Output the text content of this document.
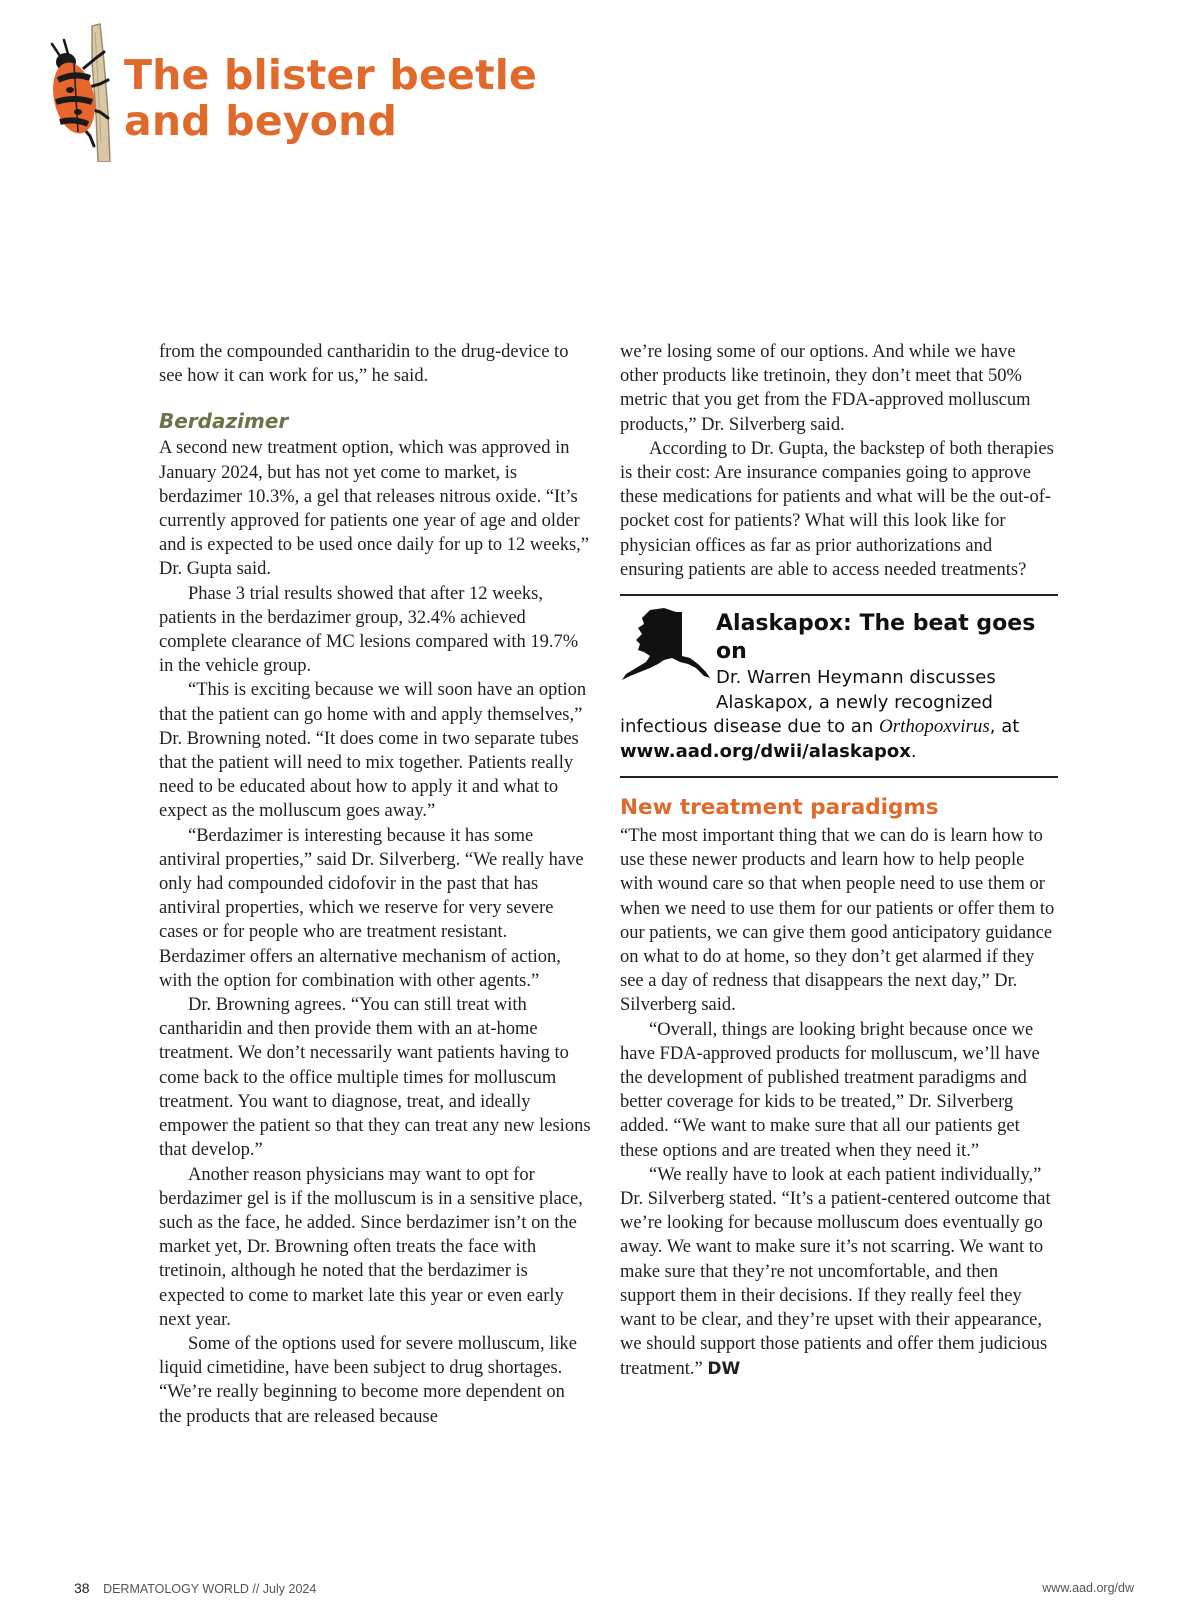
The blister beetle
and beyond

from the compounded cantharidin to the drug-device to see how it can work for us,” he said.

Berdazimer

A second new treatment option, which was approved in January 2024, but has not yet come to market, is berdazimer 10.3%, a gel that releases nitrous oxide. “It’s currently approved for patients one year of age and older and is expected to be used once daily for up to 12 weeks,” Dr. Gupta said.

Phase 3 trial results showed that after 12 weeks, patients in the berdazimer group, 32.4% achieved complete clearance of MC lesions compared with 19.7% in the vehicle group.

“This is exciting because we will soon have an option that the patient can go home with and apply themselves,” Dr. Browning noted. “It does come in two separate tubes that the patient will need to mix together. Patients really need to be educated about how to apply it and what to expect as the molluscum goes away.”

“Berdazimer is interesting because it has some antiviral properties,” said Dr. Silverberg. “We really have only had compounded cidofovir in the past that has antiviral properties, which we reserve for very severe cases or for people who are treatment resistant. Berdazimer offers an alternative mechanism of action, with the option for combination with other agents.”

Dr. Browning agrees. “You can still treat with cantharidin and then provide them with an at-home treatment. We don’t necessarily want patients having to come back to the office multiple times for molluscum treatment. You want to diagnose, treat, and ideally empower the patient so that they can treat any new lesions that develop.”

Another reason physicians may want to opt for berdazimer gel is if the molluscum is in a sensitive place, such as the face, he added. Since berdazimer isn’t on the market yet, Dr. Browning often treats the face with tretinoin, although he noted that the berdazimer is expected to come to market late this year or even early next year.

Some of the options used for severe molluscum, like liquid cimetidine, have been subject to drug shortages. “We’re really beginning to become more dependent on the products that are released because

we’re losing some of our options. And while we have other products like tretinoin, they don’t meet that 50% metric that you get from the FDA-approved molluscum products,” Dr. Silverberg said.

According to Dr. Gupta, the backstep of both therapies is their cost: Are insurance companies going to approve these medications for patients and what will be the out-of-pocket cost for patients? What will this look like for physician offices as far as prior authorizations and ensuring patients are able to access needed treatments?

Alaskapox: The beat goes on
Dr. Warren Heymann discusses
Alaskapox, a newly recognized
infectious disease due to an Orthopoxvirus, at
www.aad.org/dwii/alaskapox.
New treatment paradigms

“The most important thing that we can do is learn how to use these newer products and learn how to help people with wound care so that when people need to use them or when we need to use them for our patients or offer them to our patients, we can give them good anticipatory guidance on what to do at home, so they don’t get alarmed if they see a day of redness that disappears the next day,” Dr. Silverberg said.

“Overall, things are looking bright because once we have FDA-approved products for molluscum, we’ll have the development of published treatment paradigms and better coverage for kids to be treated,” Dr. Silverberg added. “We want to make sure that all our patients get these options and are treated when they need it.”

“We really have to look at each patient individually,” Dr. Silverberg stated. “It’s a patient-centered outcome that we’re looking for because molluscum does eventually go away. We want to make sure it’s not scarring. We want to make sure that they’re not uncomfortable, and then support them in their decisions. If they really feel they want to be clear, and they’re upset with their appearance, we should support those patients and offer them judicious treatment.” DW

38 DERMATOLOGY WORLD // July 2024	www.aad.org/dw
